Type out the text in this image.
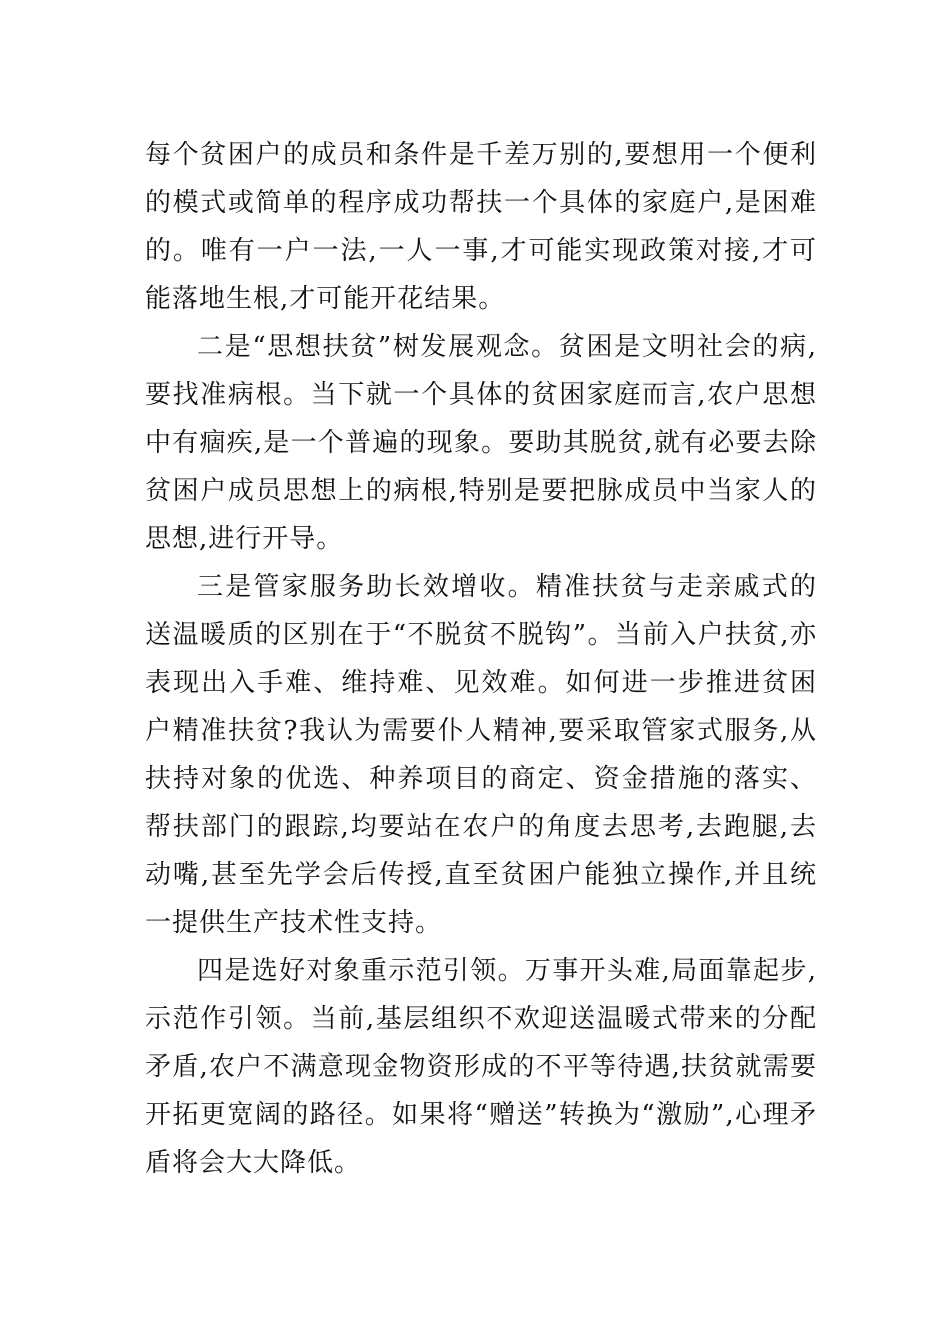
每个贫困户的成员和条件是千差万别的,要想用一个便利的模式或简单的程序成功帮扶一个具体的家庭户,是困难的。唯有一户一法,一人一事,才可能实现政策对接,才可能落地生根,才可能开花结果。

二是“思想扶贫”树发展观念。贫困是文明社会的病,要找准病根。当下就一个具体的贫困家庭而言,农户思想中有痼疾,是一个普遍的现象。要助其脱贫,就有必要去除贫困户成员思想上的病根,特别是要把脉成员中当家人的思想,进行开导。

三是管家服务助长效增收。精准扶贫与走亲戚式的送温暖质的区别在于“不脱贫不脱钩”。当前入户扶贫,亦表现出入手难、维持难、见效难。如何进一步推进贫困户精准扶贫?我认为需要仆人精神,要采取管家式服务,从扶持对象的优选、种养项目的商定、资金措施的落实、帮扶部门的跟踪,均要站在农户的角度去思考,去跑腿,去动嘴,甚至先学会后传授,直至贫困户能独立操作,并且统一提供生产技术性支持。

四是选好对象重示范引领。万事开头难,局面靠起步,示范作引领。当前,基层组织不欢迎送温暖式带来的分配矛盾,农户不满意现金物资形成的不平等待遇,扶贫就需要开拓更宽阔的路径。如果将“赠送”转换为“激励”,心理矛盾将会大大降低。
